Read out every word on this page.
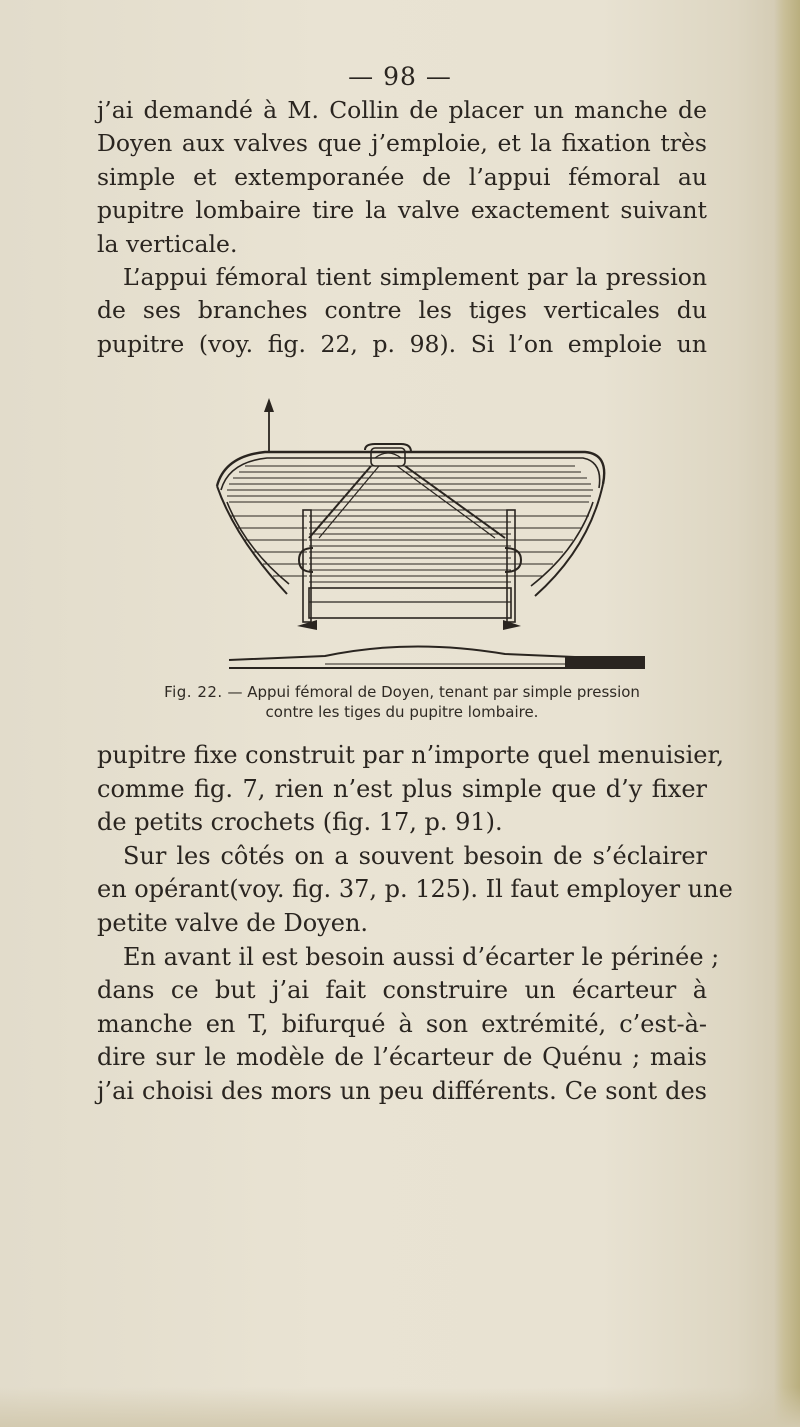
— 98 —

j’ai demandé à M. Collin de placer un manche de
Doyen aux valves que j’emploie, et la fixation très
simple et extemporanée de l’appui fémoral au
pupitre lombaire tire la valve exactement suivant
la verticale.
L’appui fémoral tient simplement par la pression
de ses branches contre les tiges verticales du
pupitre (voy. fig. 22, p. 98). Si l’on emploie un

Fig. 22. — Appui fémoral de Doyen, tenant par simple pression
contre les tiges du pupitre lombaire.

pupitre fixe construit par n’importe quel menuisier,
comme fig. 7, rien n’est plus simple que d’y fixer
de petits crochets (fig. 17, p. 91).
Sur les côtés on a souvent besoin de s’éclairer
en opérant(voy. fig. 37, p. 125). Il faut employer une
petite valve de Doyen.
En avant il est besoin aussi d’écarter le périnée ;
dans ce but j’ai fait construire un écarteur à
manche en T, bifurqué à son extrémité, c’est-à-
dire sur le modèle de l’écarteur de Quénu ; mais
j’ai choisi des mors un peu différents. Ce sont des
